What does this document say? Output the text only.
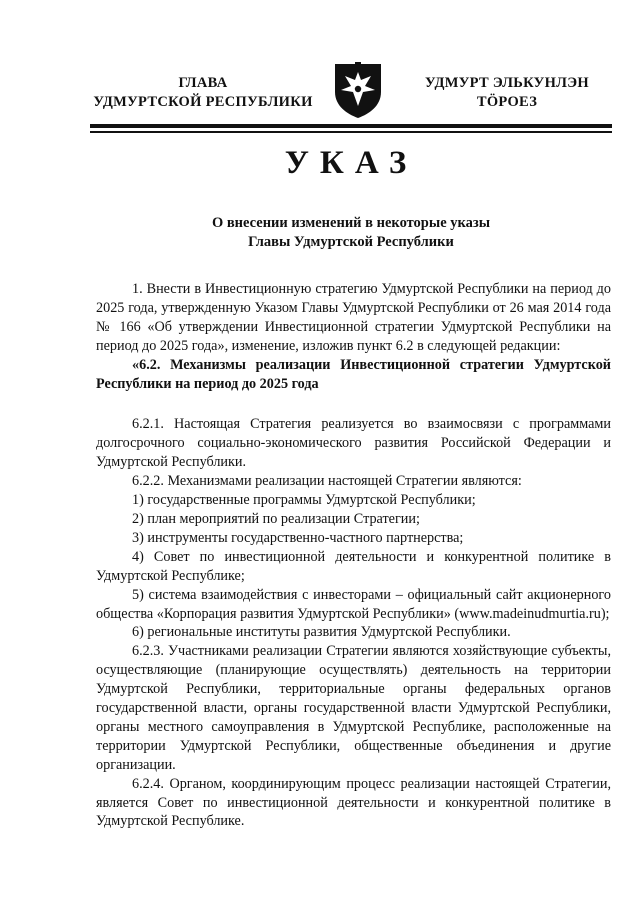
ГЛАВА
УДМУРТСКОЙ РЕСПУБЛИКИ
УДМУРТ ЭЛЬКУНЛЭН
ТӦРОЕЗ
УКАЗ
О внесении изменений в некоторые указы
Главы Удмуртской Республики

1. Внести в Инвестиционную стратегию Удмуртской Республики на период до 2025 года, утвержденную Указом Главы Удмуртской Республики от 26 мая 2014 года № 166 «Об утверждении Инвестиционной стратегии Удмуртской Республики на период до 2025 года», изменение, изложив пункт 6.2 в следующей редакции:

«6.2. Механизмы реализации Инвестиционной стратегии Удмуртской Республики на период до 2025 года

6.2.1. Настоящая Стратегия реализуется во взаимосвязи с программами долгосрочного социально-экономического развития Российской Федерации и Удмуртской Республики.

6.2.2. Механизмами реализации настоящей Стратегии являются:

1) государственные программы Удмуртской Республики;

2) план мероприятий по реализации Стратегии;

3) инструменты государственно-частного партнерства;

4) Совет по инвестиционной деятельности и конкурентной политике в Удмуртской Республике;

5) система взаимодействия с инвесторами – официальный сайт акционерного общества «Корпорация развития Удмуртской Республики» (www.madeinudmurtia.ru);

6) региональные институты развития Удмуртской Республики.

6.2.3. Участниками реализации Стратегии являются хозяйствующие субъекты, осуществляющие (планирующие осуществлять) деятельность на территории Удмуртской Республики, территориальные органы федеральных органов государственной власти, органы государственной власти Удмуртской Республики, органы местного самоуправления в Удмуртской Республике, расположенные на территории Удмуртской Республики, общественные объединения и другие организации.

6.2.4. Органом, координирующим процесс реализации настоящей Стратегии, является Совет по инвестиционной деятельности и конкурентной политике в Удмуртской Республике.
